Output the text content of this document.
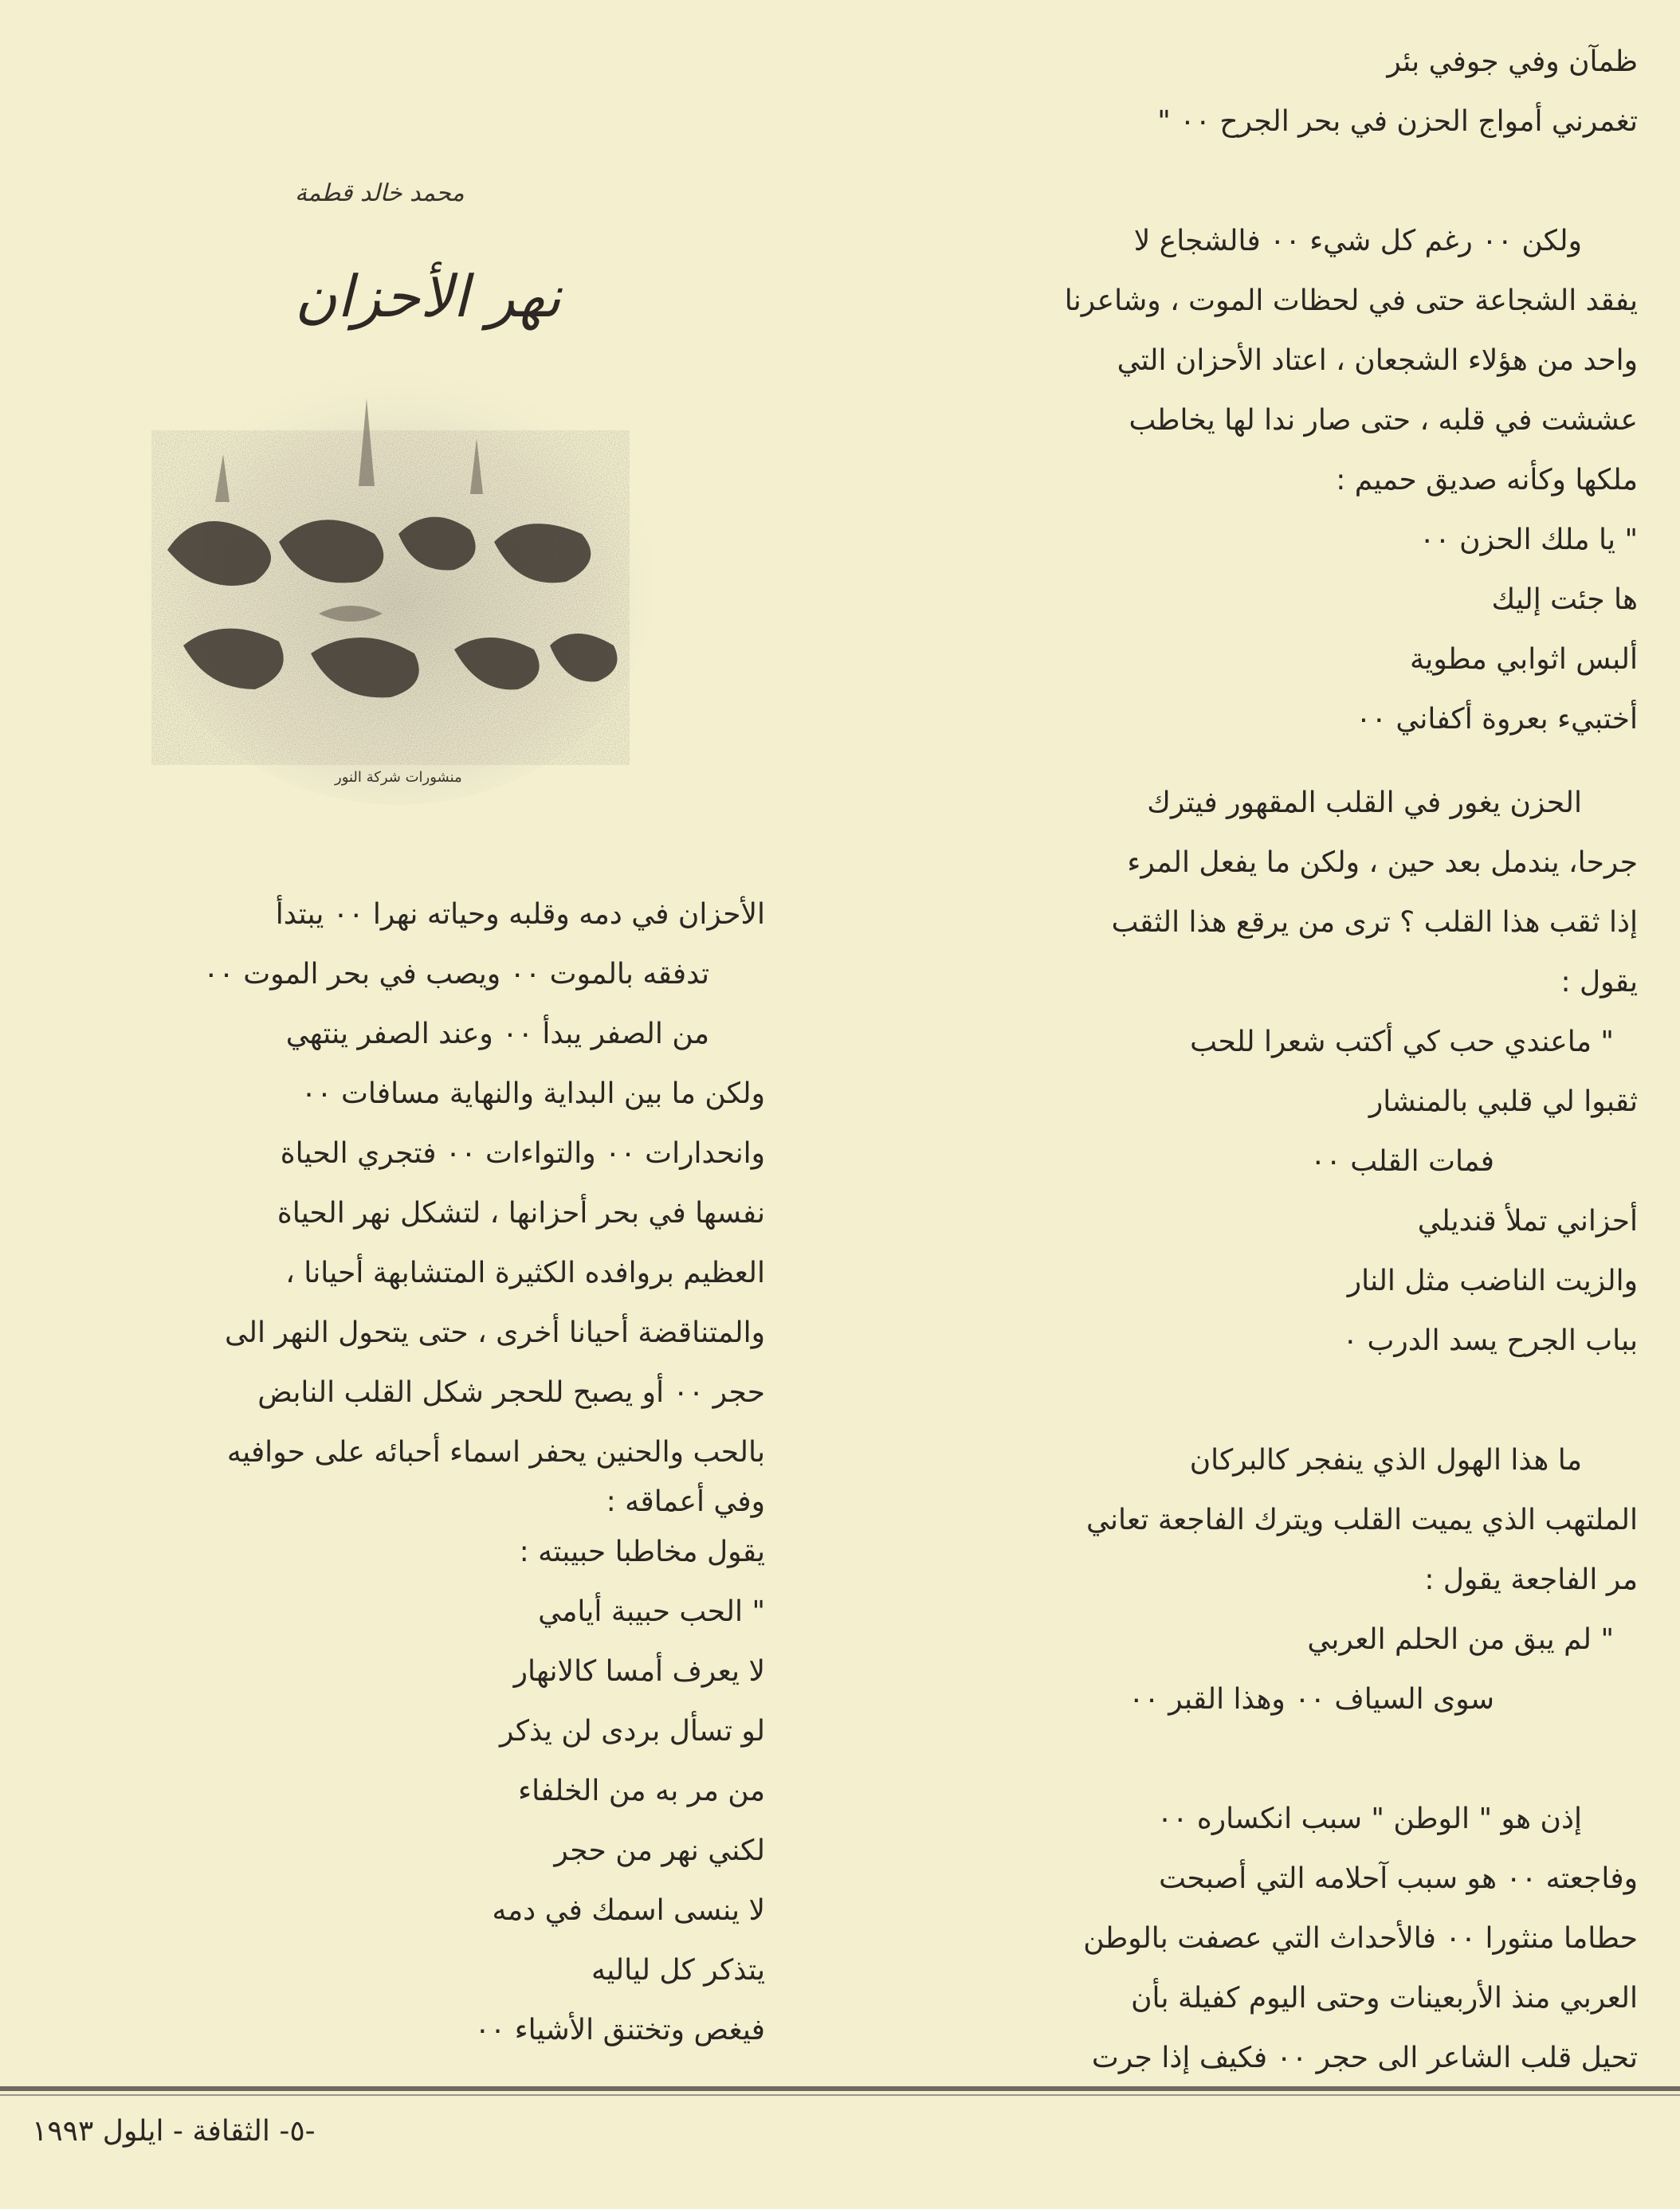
ظمآن وفي جوفي بئر
تغمرني أمواج الحزن في بحر الجرح ٠٠ "
ولكن ٠٠ رغم كل شيء ٠٠ فالشجاع لا
يفقد الشجاعة حتى في لحظات الموت ، وشاعرنا
واحد من هؤلاء الشجعان ، اعتاد الأحزان التي
عششت في قلبه ، حتى صار ندا لها يخاطب
ملكها وكأنه صديق حميم :
" يا ملك الحزن ٠٠
ها جئت إليك
ألبس اثوابي مطوية
أختبيء بعروة أكفاني ٠٠
الحزن يغور في القلب المقهور فيترك
جرحا، يندمل بعد حين ، ولكن ما يفعل المرء
إذا ثقب هذا القلب ؟ ترى من يرقع هذا الثقب
يقول :
" ماعندي حب كي أكتب شعرا للحب
ثقبوا لي قلبي بالمنشار
فمات القلب ٠٠
أحزاني تملأ قنديلي
والزيت الناضب مثل النار
بباب الجرح يسد الدرب ٠
ما هذا الهول الذي ينفجر كالبركان
الملتهب الذي يميت القلب ويترك الفاجعة تعاني
مر الفاجعة يقول :
" لم يبق من الحلم العربي
سوى السياف ٠٠ وهذا القبر ٠٠
إذن هو " الوطن " سبب انكساره ٠٠
وفاجعته ٠٠ هو سبب آحلامه التي أصبحت
حطاما منثورا ٠٠ فالأحداث التي عصفت بالوطن
العربي منذ الأربعينات وحتى اليوم كفيلة بأن
تحيل قلب الشاعر الى حجر ٠٠ فكيف إذا جرت
محمد خالد قطمة
نهر الأحزان
منشورات شركة النور
الأحزان في دمه وقلبه وحياته نهرا ٠٠ يبتدأ
تدفقه بالموت ٠٠ ويصب في بحر الموت ٠٠
من الصفر يبدأ ٠٠ وعند الصفر ينتهي
ولكن ما بين البداية والنهاية مسافات ٠٠
وانحدارات ٠٠ والتواءات ٠٠ فتجري الحياة
نفسها في بحر أحزانها ، لتشكل نهر الحياة
العظيم بروافده الكثيرة المتشابهة أحيانا ،
والمتناقضة أحيانا أخرى ، حتى يتحول النهر الى
حجر ٠٠ أو يصبح للحجر شكل القلب النابض
بالحب والحنين يحفر اسماء أحبائه على حوافيه
وفي أعماقه :
يقول مخاطبا حبيبته :
" الحب حبيبة أيامي
لا يعرف أمسا كالانهار
لو تسأل بردى لن يذكر
من مر به من الخلفاء
لكني نهر من حجر
لا ينسى اسمك في دمه
يتذكر كل لياليه
فيغص وتختنق الأشياء ٠٠
-٥- الثقافة - ايلول ١٩٩٣
